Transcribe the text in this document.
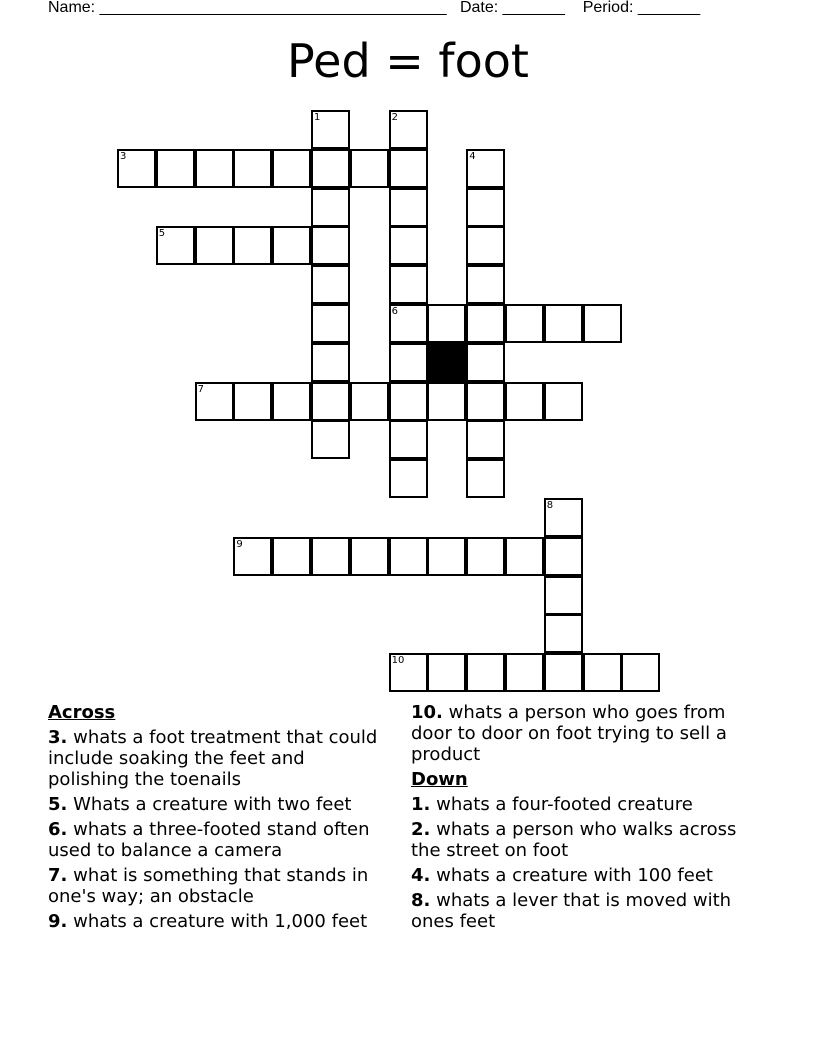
Name: _______________________________________ Date: _______ Period: _______
Ped = foot
3
5
6
7
9
10
1	2
4
8
Across
3. whats a foot treatment that could include soaking the feet and polishing the toenails
5. Whats a creature with two feet
6. whats a three-footed stand often used to balance a camera
7. what is something that stands in one's way; an obstacle
9. whats a creature with 1,000 feet
10. whats a person who goes from door to door on foot trying to sell a product
Down
1. whats a four-footed creature
2. whats a person who walks across the street on foot
4. whats a creature with 100 feet
8. whats a lever that is moved with ones feet
